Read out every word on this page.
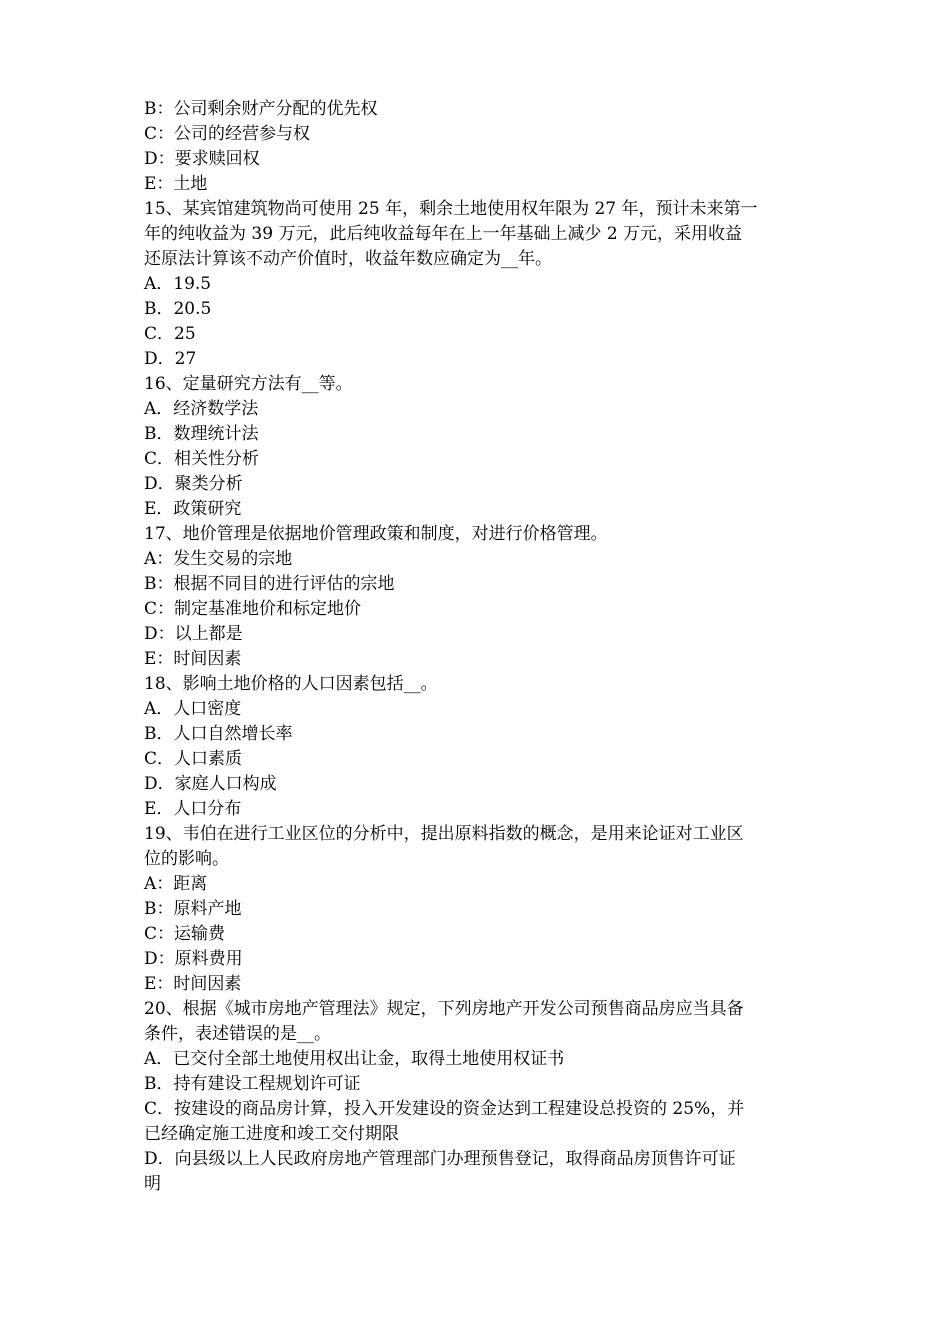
B：公司剩余财产分配的优先权

C：公司的经营参与权

D：要求赎回权

E：土地

15、某宾馆建筑物尚可使用 25 年，剩余土地使用权年限为 27 年，预计未来第一

年的纯收益为 39 万元，此后纯收益每年在上一年基础上减少 2 万元，采用收益

还原法计算该不动产价值时，收益年数应确定为__年。

A．19.5

B．20.5

C．25

D．27

16、定量研究方法有__等。

A．经济数学法

B．数理统计法

C．相关性分析

D．聚类分析

E．政策研究

17、地价管理是依据地价管理政策和制度，对进行价格管理。

A：发生交易的宗地

B：根据不同目的进行评估的宗地

C：制定基准地价和标定地价

D：以上都是

E：时间因素

18、影响土地价格的人口因素包括__。

A．人口密度

B．人口自然增长率

C．人口素质

D．家庭人口构成

E．人口分布

19、韦伯在进行工业区位的分析中，提出原料指数的概念，是用来论证对工业区

位的影响。

A：距离

B：原料产地

C：运输费

D：原料费用

E：时间因素

20、根据《城市房地产管理法》规定，下列房地产开发公司预售商品房应当具备

条件，表述错误的是__。

A．已交付全部土地使用权出让金，取得土地使用权证书

B．持有建设工程规划许可证

C．按建设的商品房计算，投入开发建设的资金达到工程建设总投资的 25%，并

已经确定施工进度和竣工交付期限

D．向县级以上人民政府房地产管理部门办理预售登记，取得商品房顶售许可证

明
